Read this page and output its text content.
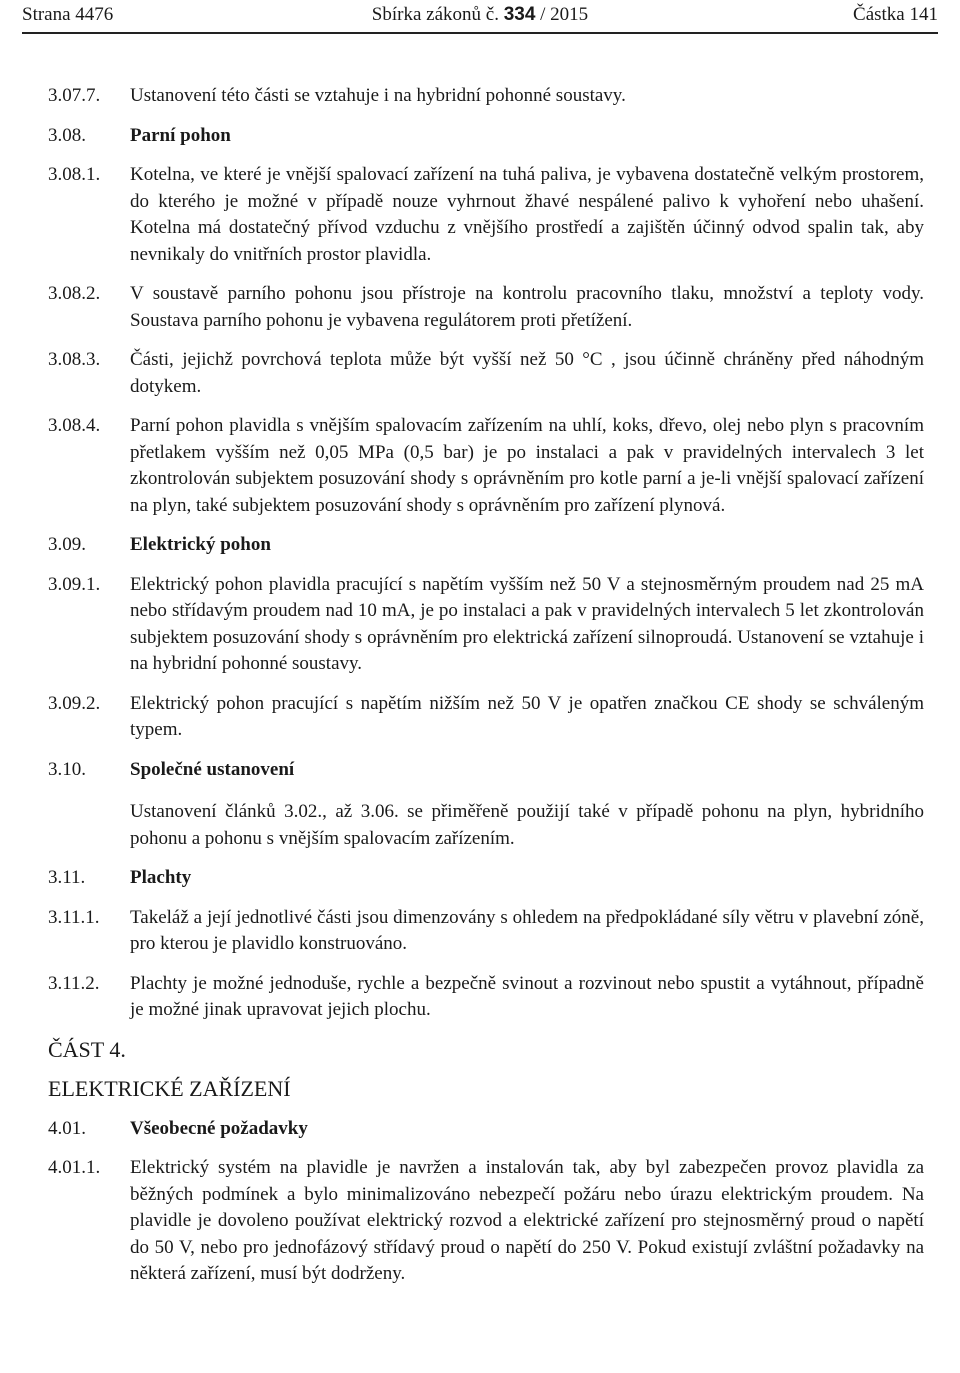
Strana 4476	Sbírka zákonů č. 334 / 2015	Částka 141
3.07.7.	Ustanovení této části se vztahuje i na hybridní pohonné soustavy.
3.08.	Parní pohon
3.08.1.	Kotelna, ve které je vnější spalovací zařízení na tuhá paliva, je vybavena dostatečně velkým prostorem, do kterého je možné v případě nouze vyhrnout žhavé nespálené palivo k vyhoření nebo uhašení. Kotelna má dostatečný přívod vzduchu z vnějšího prostředí a zajištěn účinný odvod spalin tak, aby nevnikaly do vnitřních prostor plavidla.
3.08.2.	V soustavě parního pohonu jsou přístroje na kontrolu pracovního tlaku, množství a teploty vody. Soustava parního pohonu je vybavena regulátorem proti přetížení.
3.08.3.	Části, jejichž povrchová teplota může být vyšší než 50 °C , jsou účinně chráněny před náhodným dotykem.
3.08.4.	Parní pohon plavidla s vnějším spalovacím zařízením na uhlí, koks, dřevo, olej nebo plyn s pracovním přetlakem vyšším než 0,05 MPa (0,5 bar) je po instalaci a pak v pravidelných intervalech 3 let zkontrolován subjektem posuzování shody s oprávněním pro kotle parní a je-li vnější spalovací zařízení na plyn, také subjektem posuzování shody s oprávněním pro zařízení plynová.
3.09.	Elektrický pohon
3.09.1.	Elektrický pohon plavidla pracující s napětím vyšším než 50 V a stejnosměrným proudem nad 25 mA nebo střídavým proudem nad 10 mA, je po instalaci a pak v pravidelných intervalech 5 let zkontrolován subjektem posuzování shody s oprávněním pro elektrická zařízení silnoproudá. Ustanovení se vztahuje i na hybridní pohonné soustavy.
3.09.2.	Elektrický pohon pracující s napětím nižším než 50 V je opatřen značkou CE shody se schváleným typem.
3.10.	Společné ustanovení
Ustanovení článků 3.02., až 3.06. se přiměřeně použijí také v případě pohonu na plyn, hybridního pohonu a pohonu s vnějším spalovacím zařízením.
3.11.	Plachty
3.11.1.	Takeláž a její jednotlivé části jsou dimenzovány s ohledem na předpokládané síly větru v plavební zóně, pro kterou je plavidlo konstruováno.
3.11.2.	Plachty je možné jednoduše, rychle a bezpečně svinout a rozvinout nebo spustit a vytáhnout, případně je možné jinak upravovat jejich plochu.
ČÁST 4.
ELEKTRICKÉ ZAŘÍZENÍ
4.01.	Všeobecné požadavky
4.01.1.	Elektrický systém na plavidle je navržen a instalován tak, aby byl zabezpečen provoz plavidla za běžných podmínek a bylo minimalizováno nebezpečí požáru nebo úrazu elektrickým proudem. Na plavidle je dovoleno používat elektrický rozvod a elektrické zařízení pro stejnosměrný proud o napětí do 50 V, nebo pro jednofázový střídavý proud o napětí do 250 V. Pokud existují zvláštní požadavky na některá zařízení, musí být dodrženy.
